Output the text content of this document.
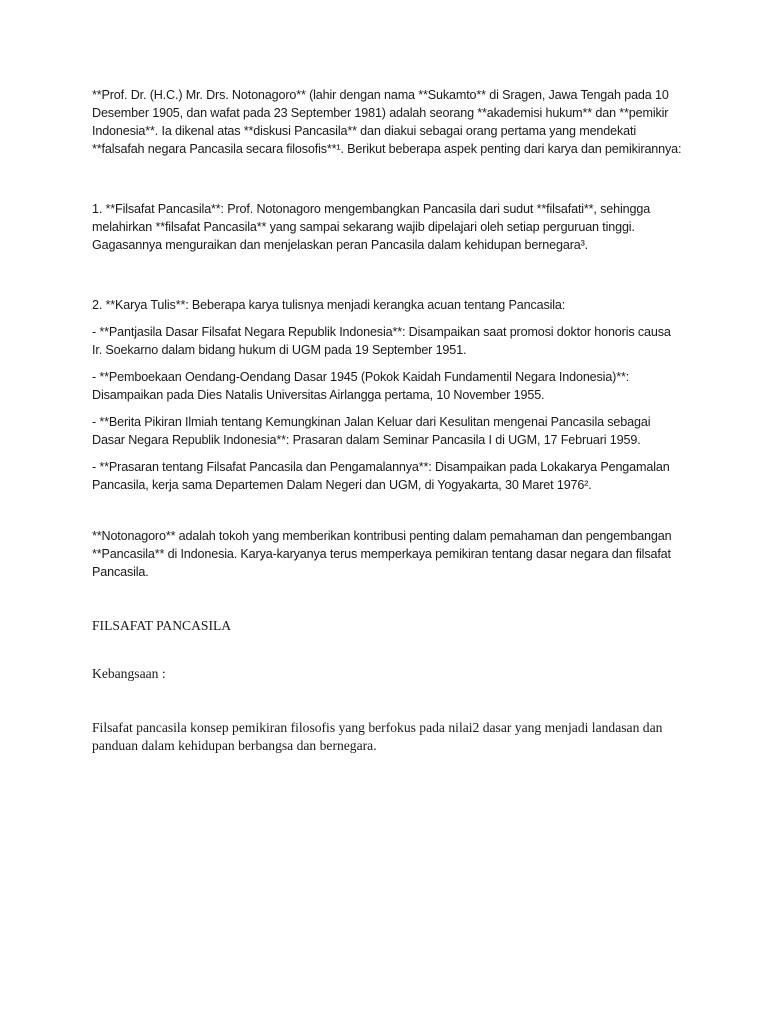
**Prof. Dr. (H.C.) Mr. Drs. Notonagoro** (lahir dengan nama **Sukamto** di Sragen, Jawa Tengah pada 10 Desember 1905, dan wafat pada 23 September 1981) adalah seorang **akademisi hukum** dan **pemikir Indonesia**. Ia dikenal atas **diskusi Pancasila** dan diakui sebagai orang pertama yang mendekati **falsafah negara Pancasila secara filosofis**¹. Berikut beberapa aspek penting dari karya dan pemikirannya:

1. **Filsafat Pancasila**: Prof. Notonagoro mengembangkan Pancasila dari sudut **filsafati**, sehingga melahirkan **filsafat Pancasila** yang sampai sekarang wajib dipelajari oleh setiap perguruan tinggi. Gagasannya menguraikan dan menjelaskan peran Pancasila dalam kehidupan bernegara³.

2. **Karya Tulis**: Beberapa karya tulisnya menjadi kerangka acuan tentang Pancasila:

- **Pantjasila Dasar Filsafat Negara Republik Indonesia**: Disampaikan saat promosi doktor honoris causa Ir. Soekarno dalam bidang hukum di UGM pada 19 September 1951.

- **Pemboekaan Oendang-Oendang Dasar 1945 (Pokok Kaidah Fundamentil Negara Indonesia)**: Disampaikan pada Dies Natalis Universitas Airlangga pertama, 10 November 1955.

- **Berita Pikiran Ilmiah tentang Kemungkinan Jalan Keluar dari Kesulitan mengenai Pancasila sebagai Dasar Negara Republik Indonesia**: Prasaran dalam Seminar Pancasila I di UGM, 17 Februari 1959.

- **Prasaran tentang Filsafat Pancasila dan Pengamalannya**: Disampaikan pada Lokakarya Pengamalan Pancasila, kerja sama Departemen Dalam Negeri dan UGM, di Yogyakarta, 30 Maret 1976².

**Notonagoro** adalah tokoh yang memberikan kontribusi penting dalam pemahaman dan pengembangan **Pancasila** di Indonesia. Karya-karyanya terus memperkaya pemikiran tentang dasar negara dan filsafat Pancasila.

FILSAFAT PANCASILA

Kebangsaan :

Filsafat pancasila konsep pemikiran filosofis yang berfokus pada nilai2 dasar yang menjadi landasan dan panduan dalam kehidupan berbangsa dan bernegara.
